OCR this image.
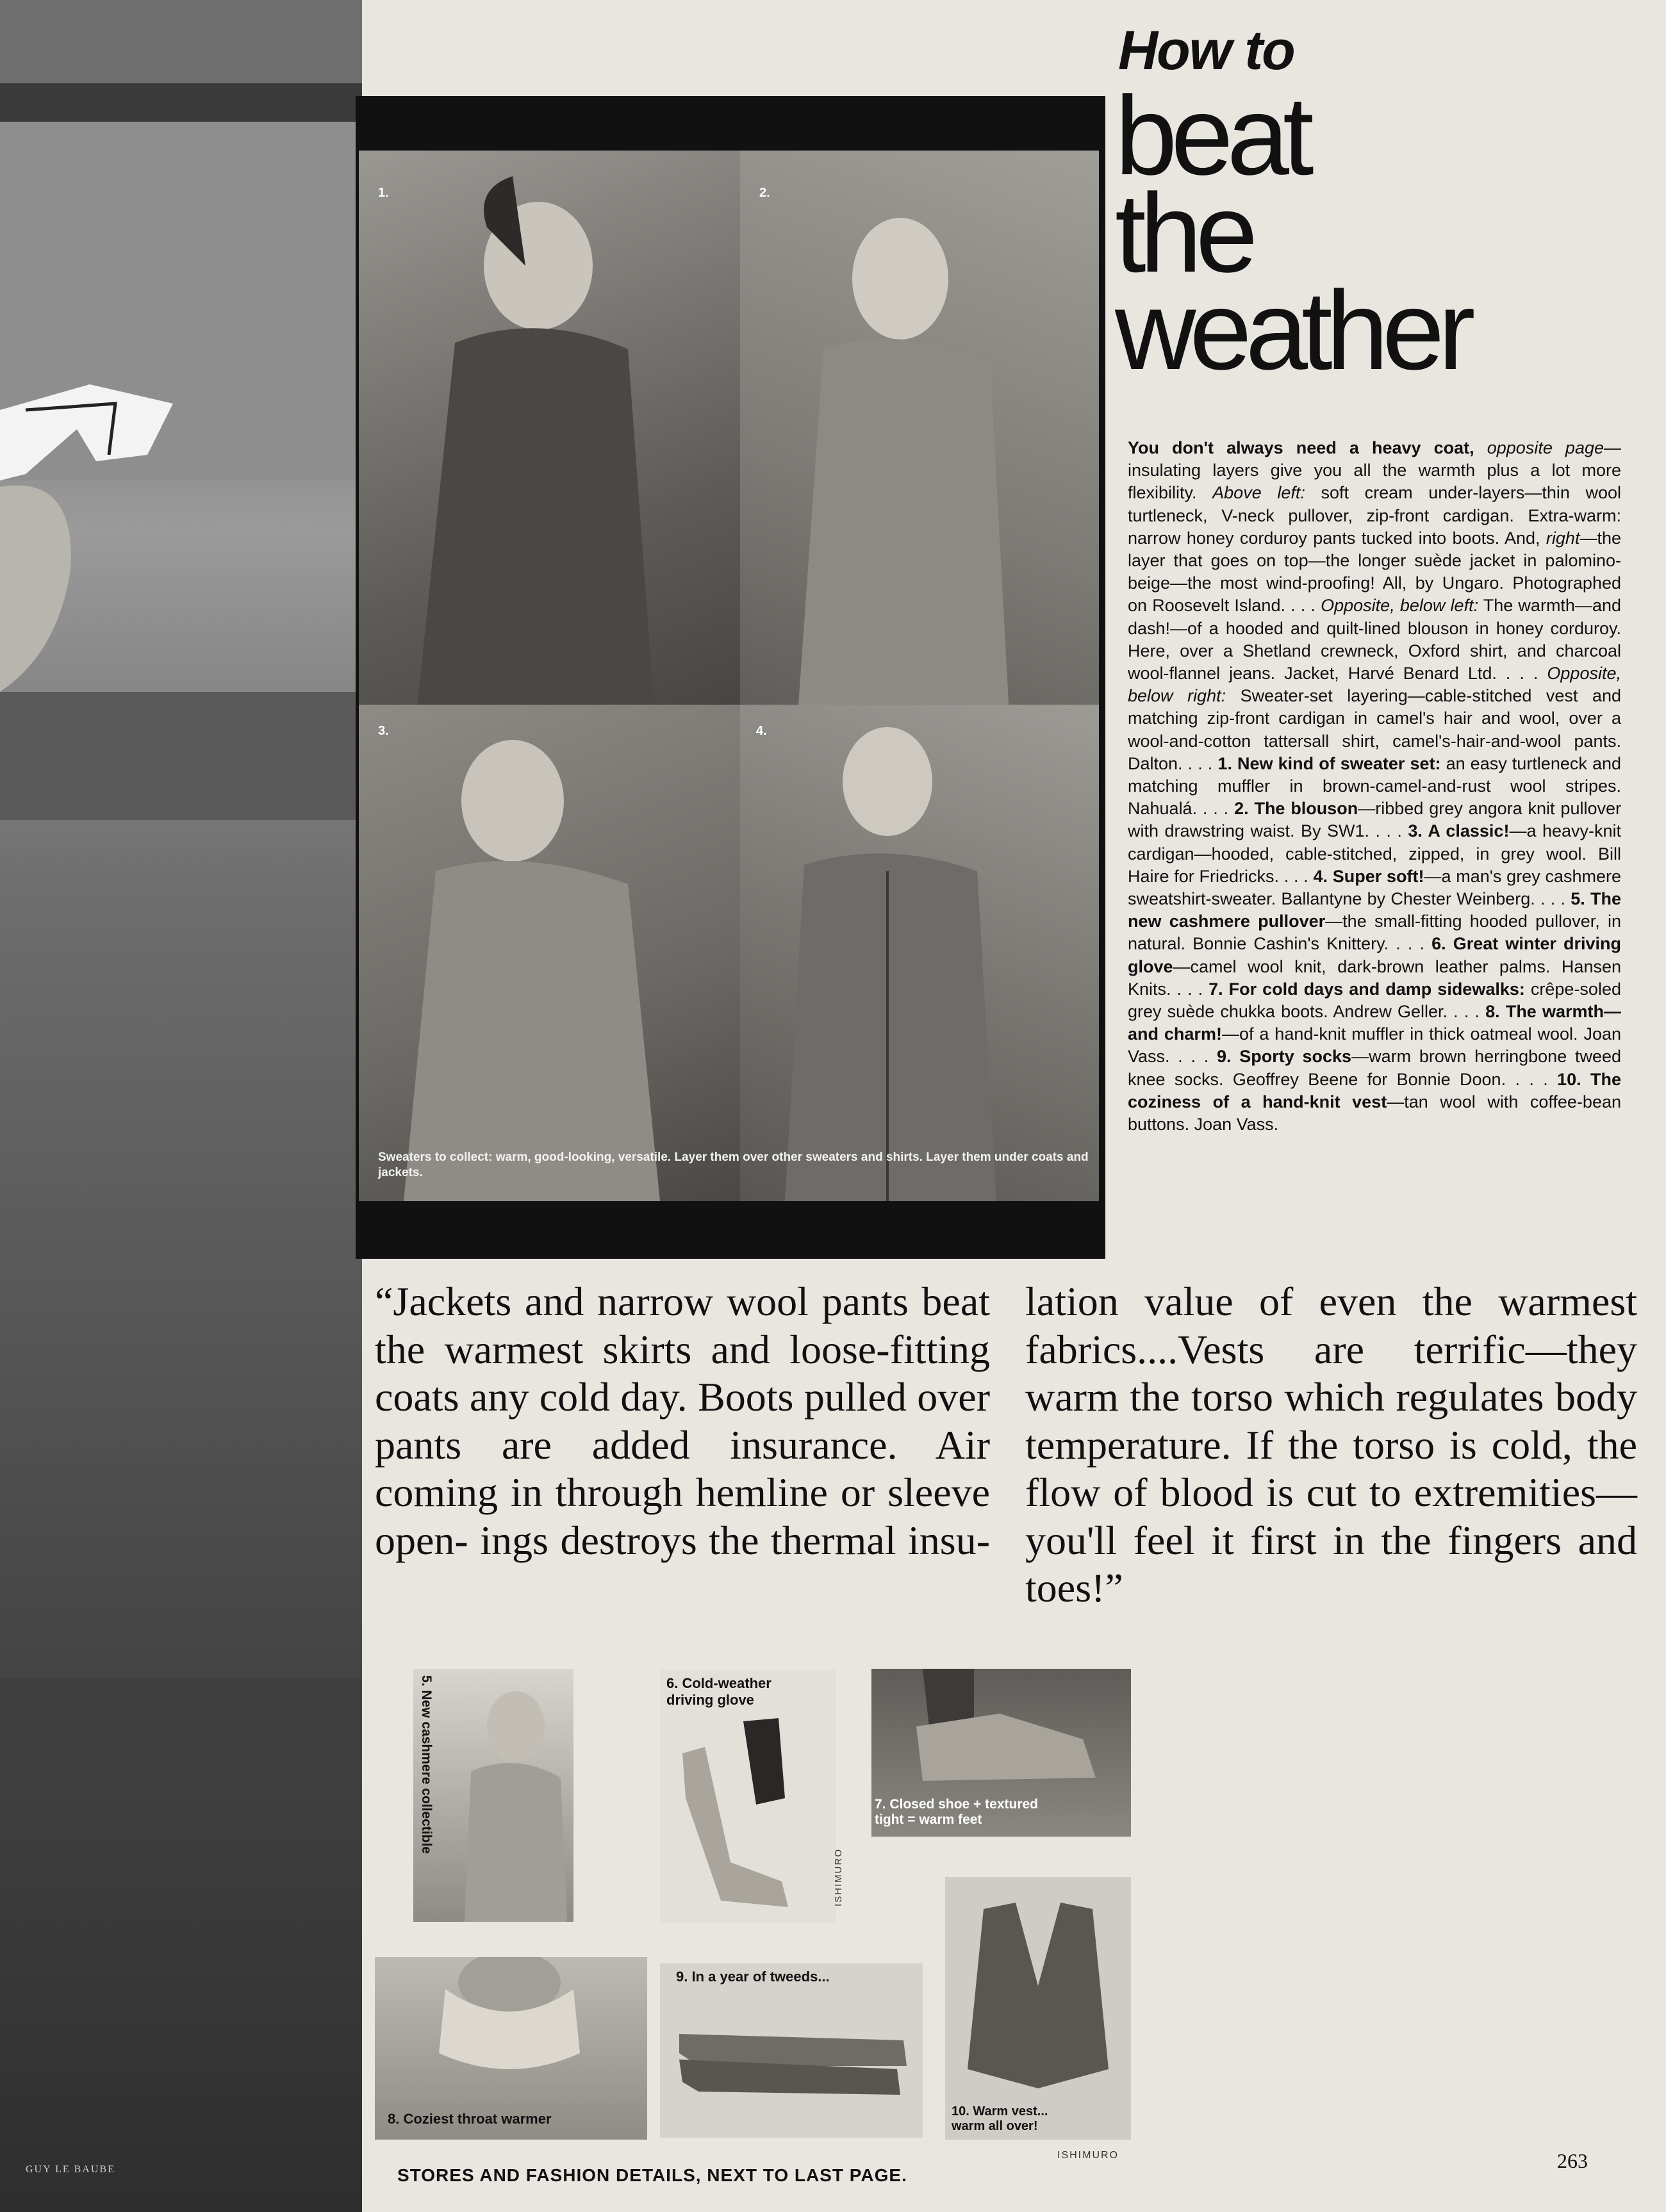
GUY LE BAUBE
How to
beat
the
weather
1.	2.
3.	4.
Sweaters to collect: warm, good-looking, versatile. Layer them over other sweaters and shirts. Layer them under coats and jackets.
You don't always need a heavy coat, opposite page—insulating layers give you all the warmth plus a lot more flexibility. Above left: soft cream under-layers—thin wool turtleneck, V-neck pullover, zip-front cardigan. Extra-warm: narrow honey corduroy pants tucked into boots. And, right—the layer that goes on top—the longer suède jacket in palomino-beige—the most wind-proofing! All, by Ungaro. Photographed on Roosevelt Island. . . . Opposite, below left: The warmth—and dash!—of a hooded and quilt-lined blouson in honey corduroy. Here, over a Shetland crewneck, Oxford shirt, and charcoal wool-flannel jeans. Jacket, Harvé Benard Ltd. . . . Opposite, below right: Sweater-set layering—cable-stitched vest and matching zip-front cardigan in camel's hair and wool, over a wool-and-cotton tattersall shirt, camel's-hair-and-wool pants. Dalton. . . . 1. New kind of sweater set: an easy turtleneck and matching muffler in brown-camel-and-rust wool stripes. Nahualá. . . . 2. The blouson—ribbed grey angora knit pullover with drawstring waist. By SW1. . . . 3. A classic!—a heavy-knit cardigan—hooded, cable-stitched, zipped, in grey wool. Bill Haire for Friedricks. . . . 4. Super soft!—a man's grey cashmere sweatshirt-sweater. Ballantyne by Chester Weinberg. . . . 5. The new cashmere pullover—the small-fitting hooded pullover, in natural. Bonnie Cashin's Knittery. . . . 6. Great winter driving glove—camel wool knit, dark-brown leather palms. Hansen Knits. . . . 7. For cold days and damp sidewalks: crêpe-soled grey suède chukka boots. Andrew Geller. . . . 8. The warmth—and charm!—of a hand-knit muffler in thick oatmeal wool. Joan Vass. . . . 9. Sporty socks—warm brown herringbone tweed knee socks. Geoffrey Beene for Bonnie Doon. . . . 10. The coziness of a hand-knit vest—tan wool with coffee-bean buttons. Joan Vass.
“Jackets and narrow wool pants beat the warmest skirts and loose-fitting coats any cold day. Boots pulled over pants are added insurance. Air coming in through hemline or sleeve open- ings destroys the thermal insu-
lation value of even the warmest fabrics....Vests are terrific—they warm the torso which regulates body temperature. If the torso is cold, the flow of blood is cut to extremities—you'll feel it first in the fingers and toes!”
5. New cashmere collectible	6. Cold-weather driving glove
ISHIMURO
7. Closed shoe + textured tight = warm feet
8. Coziest throat warmer
9. In a year of tweeds...
10. Warm vest... warm all over!
ISHIMURO
STORES AND FASHION DETAILS, NEXT TO LAST PAGE.
263
